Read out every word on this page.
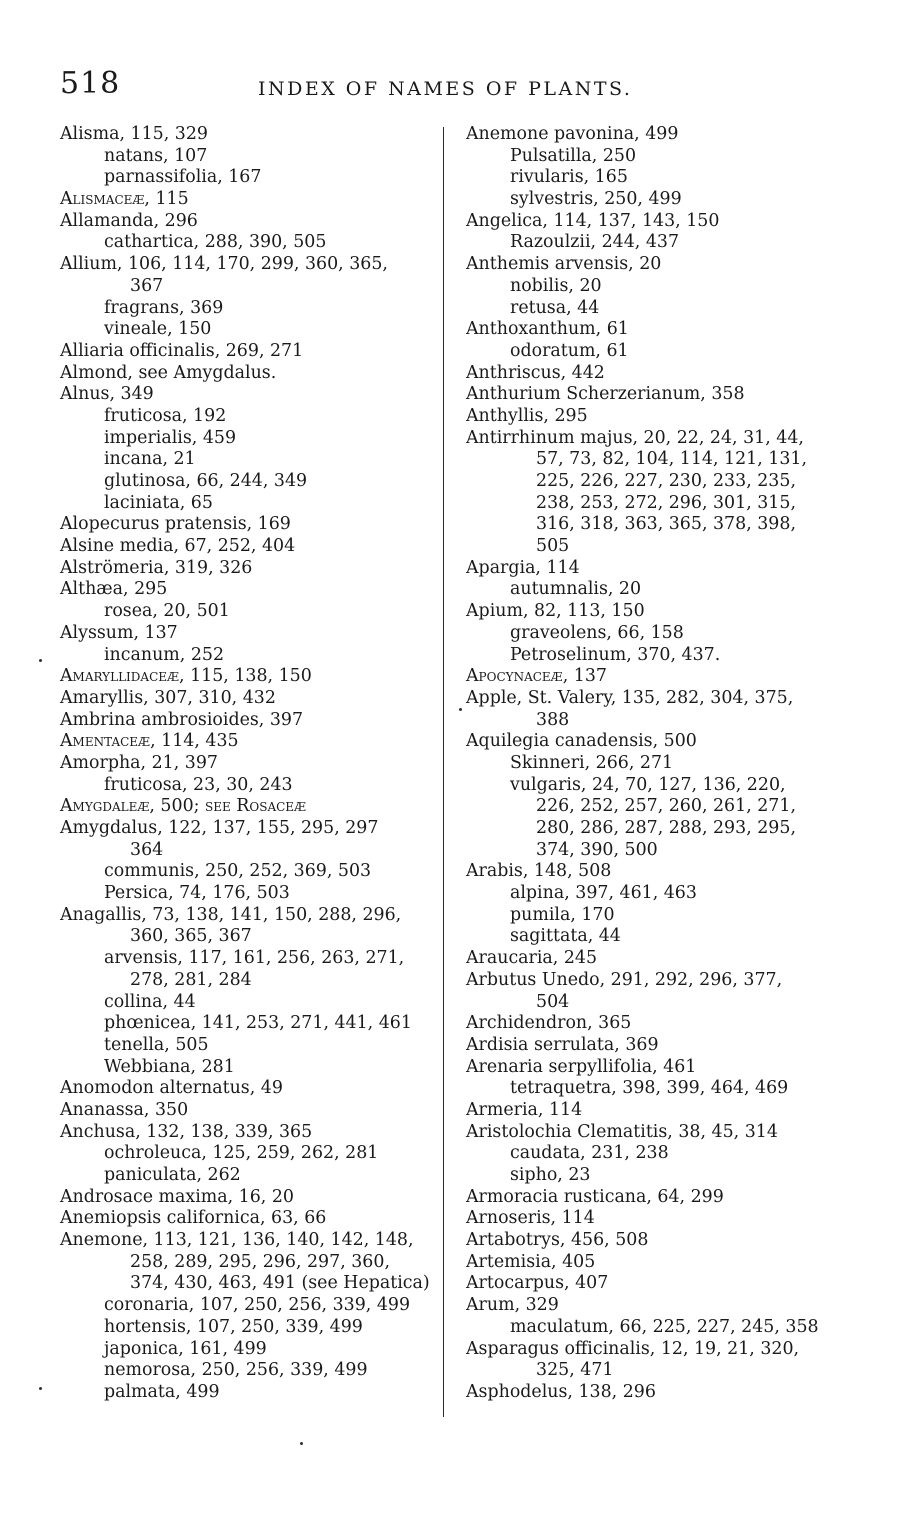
518	INDEX OF NAMES OF PLANTS.
Alisma, 115, 329
natans, 107
parnassifolia, 167
Alismaceæ, 115
Allamanda, 296
cathartica, 288, 390, 505
Allium, 106, 114, 170, 299, 360, 365,
367
fragrans, 369
vineale, 150
Alliaria officinalis, 269, 271
Almond, see Amygdalus.
Alnus, 349
fruticosa, 192
imperialis, 459
incana, 21
glutinosa, 66, 244, 349
laciniata, 65
Alopecurus pratensis, 169
Alsine media, 67, 252, 404
Alströmeria, 319, 326
Althæa, 295
rosea, 20, 501
Alyssum, 137
incanum, 252
Amaryllidaceæ, 115, 138, 150
Amaryllis, 307, 310, 432
Ambrina ambrosioides, 397
Amentaceæ, 114, 435
Amorpha, 21, 397
fruticosa, 23, 30, 243
Amygdaleæ, 500; see Rosaceæ
Amygdalus, 122, 137, 155, 295, 297
364
communis, 250, 252, 369, 503
Persica, 74, 176, 503
Anagallis, 73, 138, 141, 150, 288, 296,
360, 365, 367
arvensis, 117, 161, 256, 263, 271,
278, 281, 284
collina, 44
phœnicea, 141, 253, 271, 441, 461
tenella, 505
Webbiana, 281
Anomodon alternatus, 49
Ananassa, 350
Anchusa, 132, 138, 339, 365
ochroleuca, 125, 259, 262, 281
paniculata, 262
Androsace maxima, 16, 20
Anemiopsis californica, 63, 66
Anemone, 113, 121, 136, 140, 142, 148,
258, 289, 295, 296, 297, 360,
374, 430, 463, 491 (see Hepatica)
coronaria, 107, 250, 256, 339, 499
hortensis, 107, 250, 339, 499
japonica, 161, 499
nemorosa, 250, 256, 339, 499
palmata, 499
Anemone pavonina, 499
Pulsatilla, 250
rivularis, 165
sylvestris, 250, 499
Angelica, 114, 137, 143, 150
Razoulzii, 244, 437
Anthemis arvensis, 20
nobilis, 20
retusa, 44
Anthoxanthum, 61
odoratum, 61
Anthriscus, 442
Anthurium Scherzerianum, 358
Anthyllis, 295
Antirrhinum majus, 20, 22, 24, 31, 44,
57, 73, 82, 104, 114, 121, 131,
225, 226, 227, 230, 233, 235,
238, 253, 272, 296, 301, 315,
316, 318, 363, 365, 378, 398,
505
Apargia, 114
autumnalis, 20
Apium, 82, 113, 150
graveolens, 66, 158
Petroselinum, 370, 437.
Apocynaceæ, 137
Apple, St. Valery, 135, 282, 304, 375,
388
Aquilegia canadensis, 500
Skinneri, 266, 271
vulgaris, 24, 70, 127, 136, 220,
226, 252, 257, 260, 261, 271,
280, 286, 287, 288, 293, 295,
374, 390, 500
Arabis, 148, 508
alpina, 397, 461, 463
pumila, 170
sagittata, 44
Araucaria, 245
Arbutus Unedo, 291, 292, 296, 377,
504
Archidendron, 365
Ardisia serrulata, 369
Arenaria serpyllifolia, 461
tetraquetra, 398, 399, 464, 469
Armeria, 114
Aristolochia Clematitis, 38, 45, 314
caudata, 231, 238
sipho, 23
Armoracia rusticana, 64, 299
Arnoseris, 114
Artabotrys, 456, 508
Artemisia, 405
Artocarpus, 407
Arum, 329
maculatum, 66, 225, 227, 245, 358
Asparagus officinalis, 12, 19, 21, 320,
325, 471
Asphodelus, 138, 296
